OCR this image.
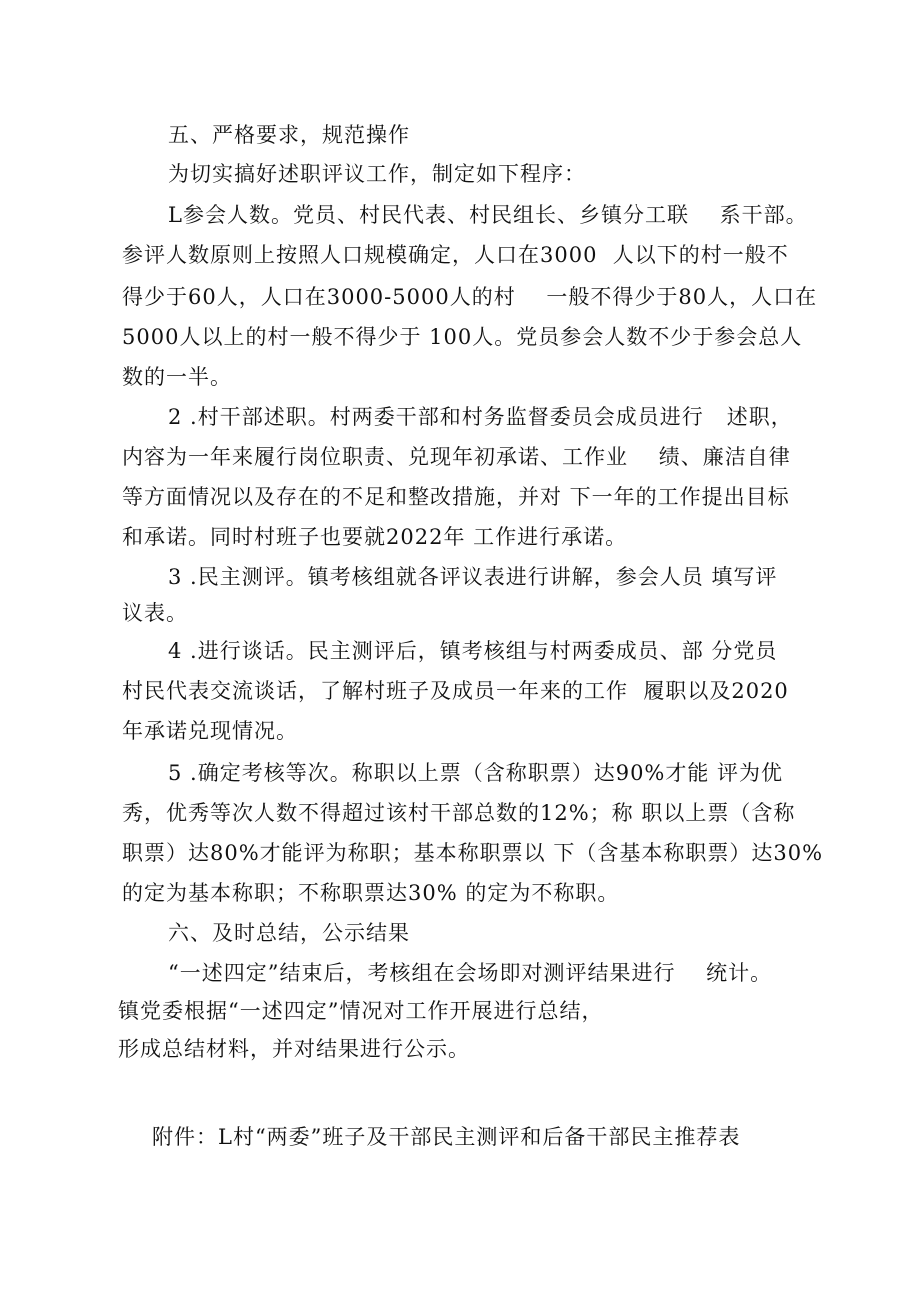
五、严格要求，规范操作
为切实搞好述职评议工作，制定如下程序：
L参会人数。党员、村民代表、村民组长、乡镇分工联    系干部。
参评人数原则上按照人口规模确定，人口在3000  人以下的村一般不
得少于60人，人口在3000-5000人的村    一般不得少于80人，人口在
5000人以上的村一般不得少于 100人。党员参会人数不少于参会总人
数的一半。
2 .村干部述职。村两委干部和村务监督委员会成员进行   述职，
内容为一年来履行岗位职责、兑现年初承诺、工作业    绩、廉洁自律
等方面情况以及存在的不足和整改措施，并对 下一年的工作提出目标
和承诺。同时村班子也要就2022年 工作进行承诺。
3 .民主测评。镇考核组就各评议表进行讲解，参会人员 填写评
议表。
4 .进行谈话。民主测评后，镇考核组与村两委成员、部 分党员
村民代表交流谈话，了解村班子及成员一年来的工作  履职以及2020
年承诺兑现情况。
5 .确定考核等次。称职以上票（含称职票）达90%才能 评为优
秀，优秀等次人数不得超过该村干部总数的12%；称 职以上票（含称
职票）达80%才能评为称职；基本称职票以 下（含基本称职票）达30%
的定为基本称职；不称职票达30% 的定为不称职。
六、及时总结，公示结果
“一述四定”结束后，考核组在会场即对测评结果进行    统计。
镇党委根据“一述四定”情况对工作开展进行总结，
形成总结材料，并对结果进行公示。
附件：L村“两委”班子及干部民主测评和后备干部民主推荐表
